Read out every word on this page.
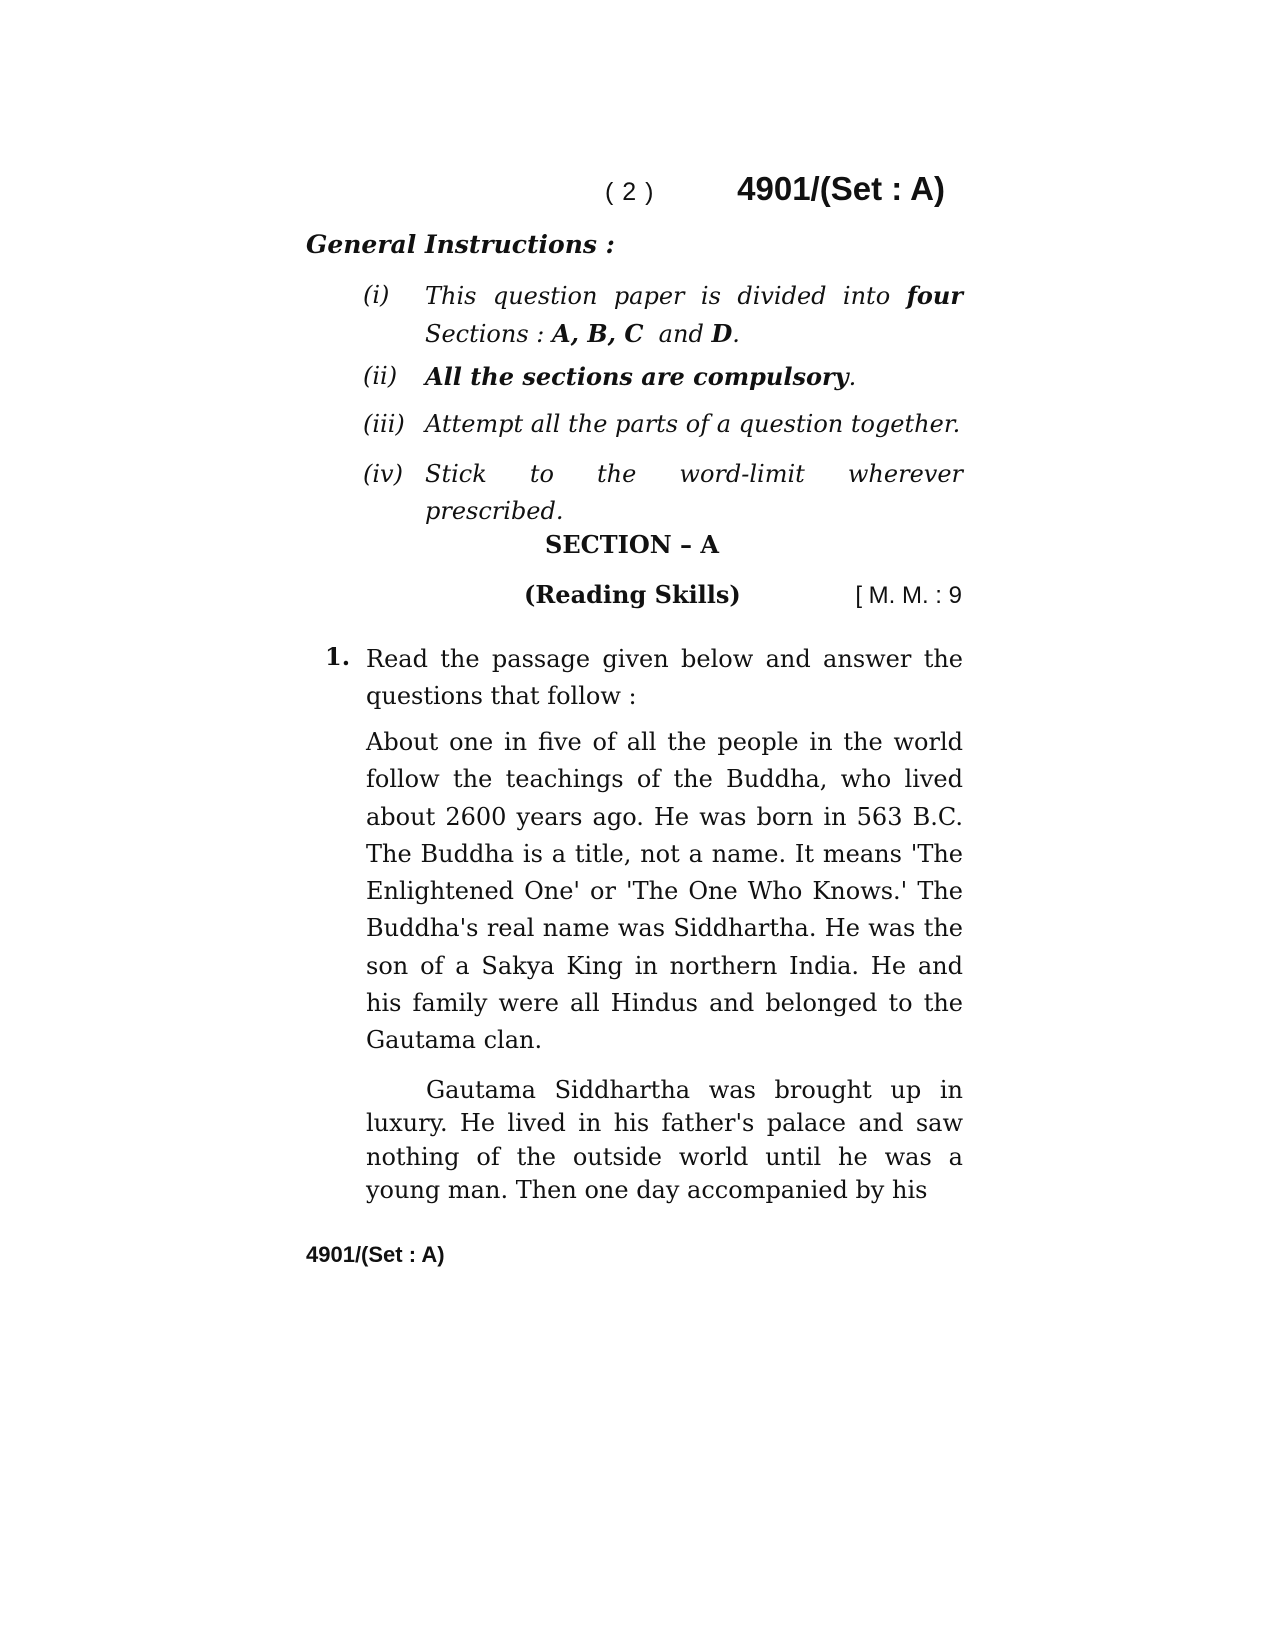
( 2 )	4901/(Set : A)
General Instructions :
(i) This question paper is divided into four Sections : A, B, C  and D.
(ii) All the sections are compulsory.
(iii) Attempt all the parts of a question together.
(iv) Stick to the word-limit wherever prescribed.
SECTION – A
(Reading Skills)	[ M. M. : 9
1. Read the passage given below and answer the questions that follow :
About one in five of all the people in the world follow the teachings of the Buddha, who lived about 2600 years ago. He was born in 563 B.C. The Buddha is a title, not a name. It means 'The Enlightened One' or 'The One Who Knows.' The Buddha's real name was Siddhartha. He was the son of a Sakya King in northern India. He and his family were all Hindus and belonged to the Gautama clan.
Gautama Siddhartha was brought up in luxury. He lived in his father's palace and saw nothing of the outside world until he was a young man. Then one day accompanied by his
4901/(Set : A)
